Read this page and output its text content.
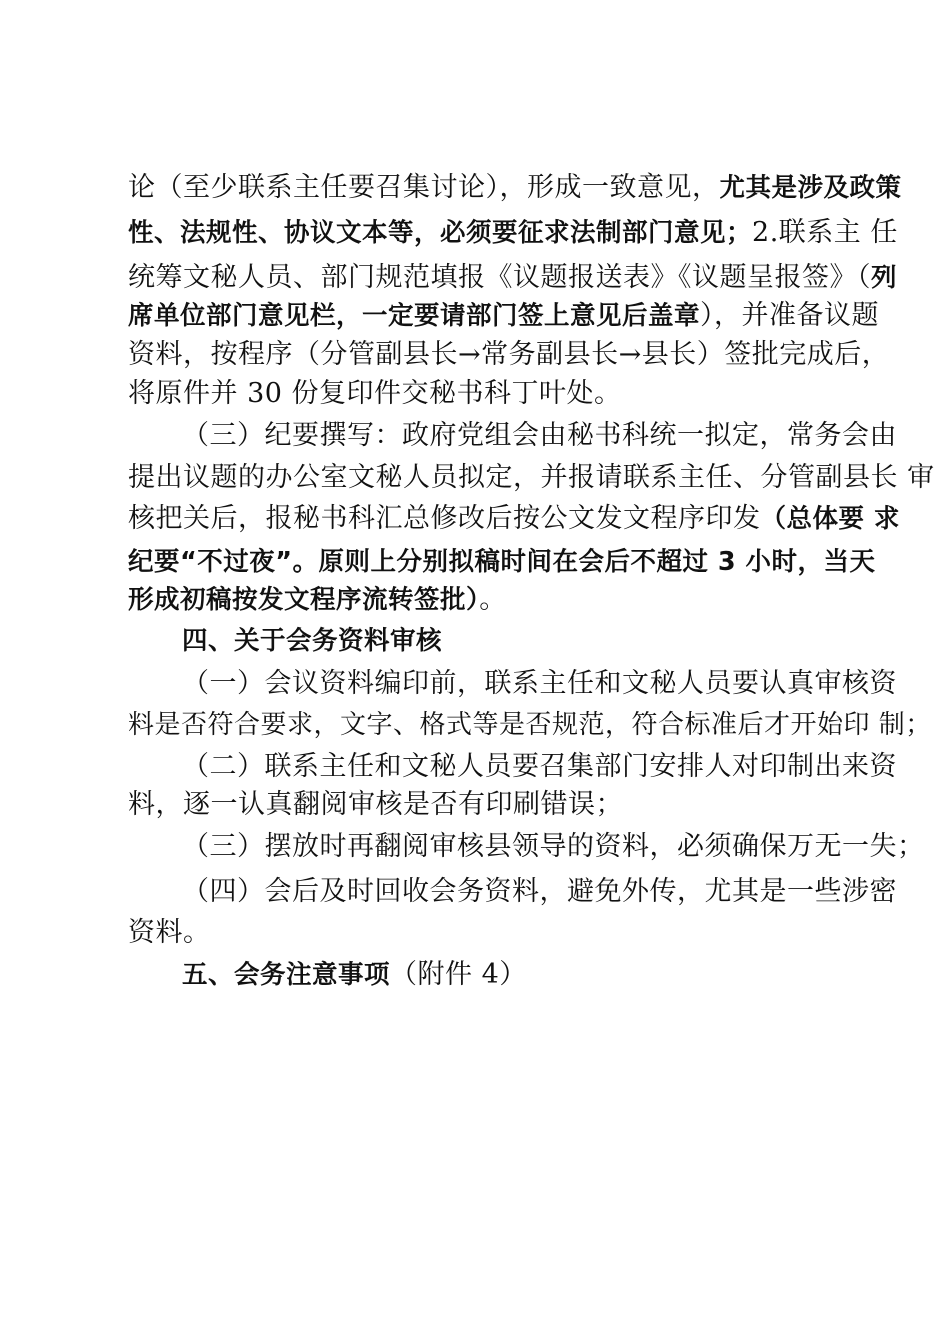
论（至少联系主任要召集讨论），形成一致意见，尤其是涉及政策
性、法规性、协议文本等，必须要征求法制部门意见；2.联系主 任
统筹文秘人员、部门规范填报《议题报送表》《议题呈报签》（列
席单位部门意见栏，一定要请部门签上意见后盖章），并准备议题
资料，按程序（分管副县长→常务副县长→县长）签批完成后，
将原件并 30 份复印件交秘书科丁叶处。
（三）纪要撰写：政府党组会由秘书科统一拟定，常务会由
提出议题的办公室文秘人员拟定，并报请联系主任、分管副县长 审
核把关后，报秘书科汇总修改后按公文发文程序印发（总体要 求
纪要“不过夜”。原则上分别拟稿时间在会后不超过 3 小时，当天
形成初稿按发文程序流转签批）。
四、关于会务资料审核
（一）会议资料编印前，联系主任和文秘人员要认真审核资
料是否符合要求，文字、格式等是否规范，符合标准后才开始印 制；
（二）联系主任和文秘人员要召集部门安排人对印制出来资
料，逐一认真翻阅审核是否有印刷错误；
（三）摆放时再翻阅审核县领导的资料，必须确保万无一失；
（四）会后及时回收会务资料，避免外传，尤其是一些涉密
资料。
五、会务注意事项（附件 4）
